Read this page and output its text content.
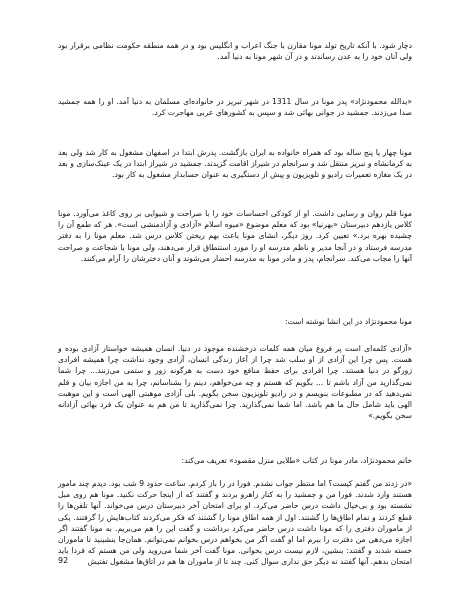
دچار شود. با آنکه تاریخ تولد مونا مقارن با جنگ اعراب و انگلیس بود و در همه منطقه حکومت نظامی برقرار بود ولی آنان خود را به عدن رساندند و در آن شهر مونا به دنیا آمد.

«یدالله محمودنژاد» پدر مونا در سال 1311 در شهر تبریز در خانواده‌ای مسلمان به دنیا آمد. او را همه جمشید صدا می‌زدند. جمشید در جوانی بهائی شد و سپس به کشورهای عربی مهاجرت کرد.

مونا چهار یا پنج ساله بود که همراه خانواده به ایران بازگشت. پدرش ابتدا در اصفهان مشغول به کار شد ولی بعد به کرمانشاه و تبریز منتقل شد و سرانجام در شیراز اقامت گزیدند. جمشید در شیراز ابتدا در یک عینک‌سازی و بعد در یک مغازه تعمیرات رادیو و تلویزیون و پیش از دستگیری به عنوان حسابدار مشغول به کار بود.

مونا قلم روان و رسایی داشت. او از کودکی احساسات خود را با صراحت و شیوایی بر روی کاغذ می‌آورد. مونا کلاس یازدهم دبیرستان «بهرنیا» بود که معلم موضوع «میوه اسلام «آزادی و آزادمنشی است». هر که طمع آن را چشیده بهره برد.» تعیین کرد. روز دیگر، انشای مونا باعث بهم ریختن کلاس درس شد. معلم مونا را به دفتر مدرسه فرستاد و در آنجا مدیر و ناظم مدرسه او را مورد استنطاق قرار می‌دهند، ولی مونا با شجاعت و صراحت آنها را مجاب می‌کند. سرانجام، پدر و مادر مونا به مدرسه احضار می‌شوند و آنان دخترشان را آرام می‌کنند.

مونا محمودنژاد در این انشا نوشته است:

«آزادی کلمه‌ای است پر فروغ میان همه کلمات درخشنده موجود در دنیا. انسان همیشه خواستار آزادی بوده و هست. پس چرا این آزادی از او سلب شد چرا از آغاز زندگی انسان، آزادی وجود نداشت چرا همیشه افرادی زورگو در دنیا هستند. چرا افرادی برای حفظ منافع خود دست به هرگونه زور و ستمی می‌زنند... چرا شما نمی‌گذارید من آزاد باشم تا ... بگویم که هستم و چه می‌خواهم، دینم را بشناسانم، چرا به من اجازه بیان و قلم نمی‌دهید که در مطبوعات بنویسم و در رادیو تلویزیون سخن بگویم. بلی آزادی موهبتی الهی است و این موهبت الهی باید شامل حال ما هم باشد. اما شما نمی‌گذارید. چرا نمی‌گذارید تا من هم به عنوان یک فرد بهائی آزادانه سخن بگویم.»

خانم محمودنژاد، مادر مونا در کتاب «طلایی منزل مقصود» تعریف می‌کند:

«در زدند من گفتم کیست؟ اما منتظر جواب نشدم. فورا در را باز کردم. ساعت حدود 9 شب بود. دیدم چند مامور هستند وارد شدند. فورا من و جمشید را به کنار راهرو بردند و گفتند که از اینجا حرکت نکنید. مونا هم روی مبل نشسته بود و بی‌خیال داشت درس حاضر می‌کرد. او برای امتحان آخر دبیرستان درس می‌خواند. آنها تلفن‌ها را قطع کردند و تمام اطاق‌ها را گشتند. اول از همه اطاق مونا را گشتند که فکر می‌کردند کتاب‌هایش را گرفتند. یکی از ماموران دفتری را که مونا داشت درس حاضر می‌کرد برداشت و گفت این را هم می‌بریم. به مونا گفتند اگر اجازه می‌دهی من دفترت را ببرم اما او گفت اگر من بخواهم درس بخوانم نمی‌توانم. همان‌جا بنشینید تا ماموران خسته شدند و گفتند: بنشین، لازم نیست درس بخوانی. مونا گفت آخر شما می‌روید ولی من هستم که فردا باید امتحان بدهم. آنها گفتند نه دیگر حق نداری سوال کنی. چند تا از ماموران ها هم در اتاق‌ها مشغول تفتیش

92
